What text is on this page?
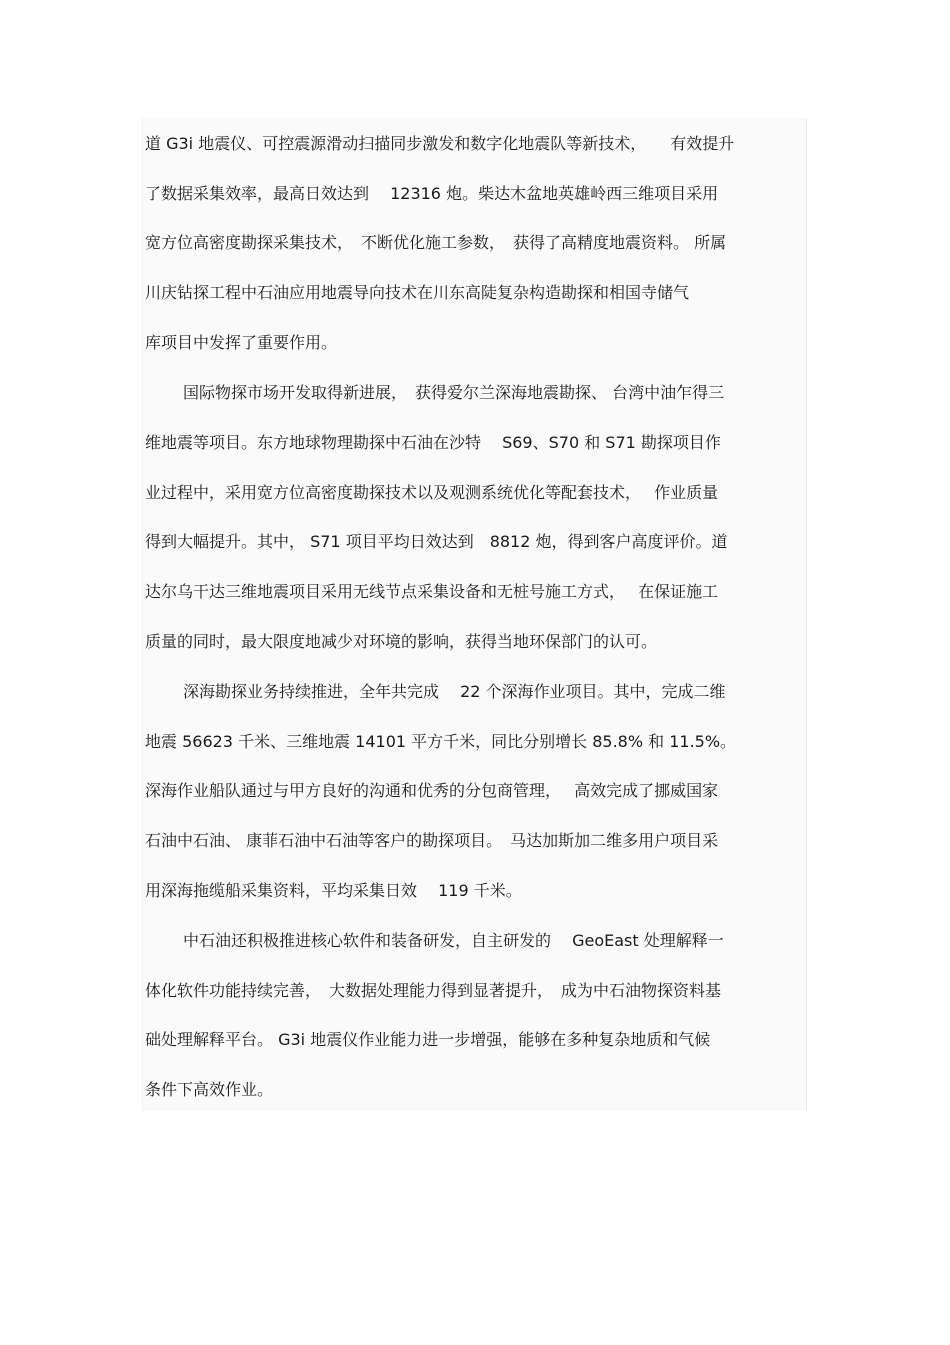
道 G3i 地震仪、可控震源滑动扫描同步激发和数字化地震队等新技术，　　有效提升
了数据采集效率，最高日效达到　 12316 炮。柴达木盆地英雄岭西三维项目采用
宽方位高密度勘探采集技术，　不断优化施工参数，　获得了高精度地震资料。 所属
川庆钻探工程中石油应用地震导向技术在川东高陡复杂构造勘探和相国寺储气
库项目中发挥了重要作用。
国际物探市场开发取得新进展，　获得爱尔兰深海地震勘探、 台湾中油乍得三
维地震等项目。东方地球物理勘探中石油在沙特　 S69、S70 和 S71 勘探项目作
业过程中，采用宽方位高密度勘探技术以及观测系统优化等配套技术，　 作业质量
得到大幅提升。其中， S71 项目平均日效达到　8812 炮，得到客户高度评价。道
达尔乌干达三维地震项目采用无线节点采集设备和无桩号施工方式，　 在保证施工
质量的同时，最大限度地减少对环境的影响，获得当地环保部门的认可。
深海勘探业务持续推进，全年共完成　 22 个深海作业项目。其中，完成二维
地震 56623 千米、三维地震 14101 平方千米，同比分别增长 85.8% 和 11.5%。
深海作业船队通过与甲方良好的沟通和优秀的分包商管理，　 高效完成了挪威国家
石油中石油、 康菲石油中石油等客户的勘探项目。　马达加斯加二维多用户项目采
用深海拖缆船采集资料，平均采集日效　 119 千米。
中石油还积极推进核心软件和装备研发，自主研发的　 GeoEast 处理解释一
体化软件功能持续完善，　大数据处理能力得到显著提升，　成为中石油物探资料基
础处理解释平台。 G3i 地震仪作业能力进一步增强，能够在多种复杂地质和气候
条件下高效作业。
